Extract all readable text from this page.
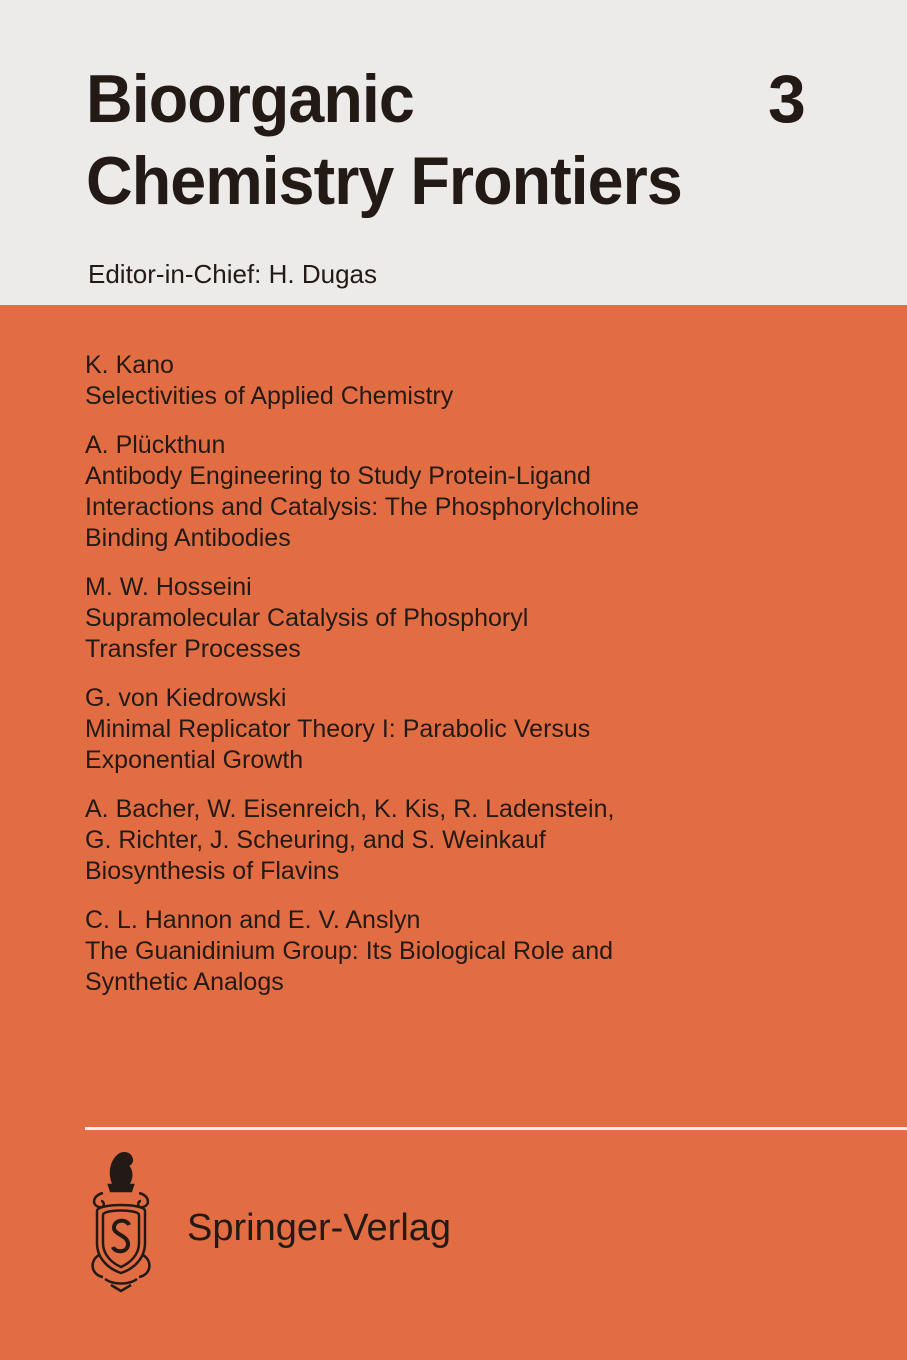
Bioorganic
Chemistry Frontiers
3
Editor-in-Chief: H. Dugas
K. Kano
Selectivities of Applied Chemistry
A. Plückthun
Antibody Engineering to Study Protein-Ligand
Interactions and Catalysis: The Phosphorylcholine
Binding Antibodies
M. W. Hosseini
Supramolecular Catalysis of Phosphoryl
Transfer Processes
G. von Kiedrowski
Minimal Replicator Theory I: Parabolic Versus
Exponential Growth
A. Bacher, W. Eisenreich, K. Kis, R. Ladenstein,
G. Richter, J. Scheuring, and S. Weinkauf
Biosynthesis of Flavins
C. L. Hannon and E. V. Anslyn
The Guanidinium Group: Its Biological Role and
Synthetic Analogs
Springer-Verlag
